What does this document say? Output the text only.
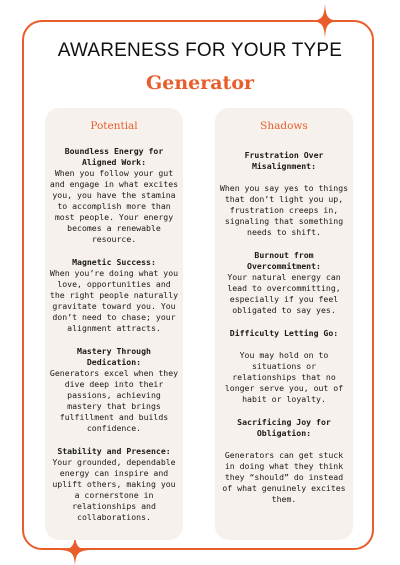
AWARENESS FOR YOUR TYPE
Generator
Potential
Boundless Energy for Aligned Work:
When you follow your gut and engage in what excites you, you have the stamina to accomplish more than most people. Your energy becomes a renewable resource.
Magnetic Success:
When you’re doing what you love, opportunities and the right people naturally gravitate toward you. You don’t need to chase; your alignment attracts.
Mastery Through Dedication:
Generators excel when they dive deep into their passions, achieving mastery that brings fulfillment and builds confidence.
Stability and Presence:
Your grounded, dependable energy can inspire and uplift others, making you a cornerstone in relationships and collaborations.
Shadows
Frustration Over Misalignment:
When you say yes to things that don’t light you up, frustration creeps in, signaling that something needs to shift.
Burnout from Overcommitment:
Your natural energy can lead to overcommitting, especially if you feel obligated to say yes.
Difficulty Letting Go:
You may hold on to situations or relationships that no longer serve you, out of habit or loyalty.
Sacrificing Joy for Obligation:
Generators can get stuck in doing what they think they “should” do instead of what genuinely excites them.
